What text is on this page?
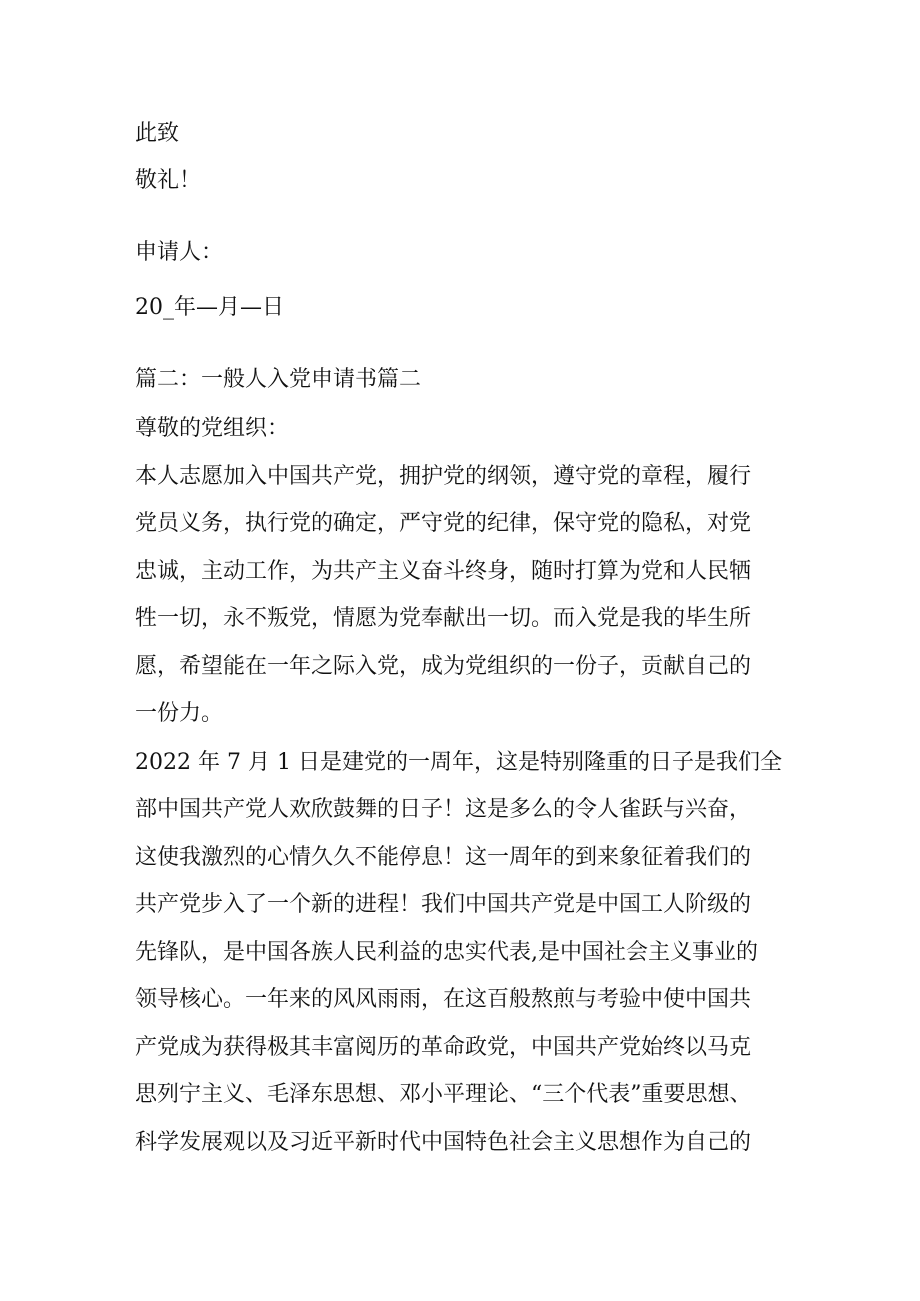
此致
敬礼！
申请人：
20_年—月—日
篇二：一般人入党申请书篇二
尊敬的党组织：
本人志愿加入中国共产党，拥护党的纲领，遵守党的章程，履行
党员义务，执行党的确定，严守党的纪律，保守党的隐私，对党
忠诚，主动工作，为共产主义奋斗终身，随时打算为党和人民牺
牲一切，永不叛党，情愿为党奉献出一切。而入党是我的毕生所
愿，希望能在一年之际入党，成为党组织的一份子，贡献自己的
一份力。
2022 年 7 月 1 日是建党的一周年，这是特别隆重的日子是我们全
部中国共产党人欢欣鼓舞的日子！这是多么的令人雀跃与兴奋，
这使我激烈的心情久久不能停息！这一周年的到来象征着我们的
共产党步入了一个新的进程！我们中国共产党是中国工人阶级的
先锋队，是中国各族人民利益的忠实代表,是中国社会主义事业的
领导核心。一年来的风风雨雨，在这百般熬煎与考验中使中国共
产党成为获得极其丰富阅历的革命政党，中国共产党始终以马克
思列宁主义、毛泽东思想、邓小平理论、“三个代表”重要思想、
科学发展观以及习近平新时代中国特色社会主义思想作为自己的
